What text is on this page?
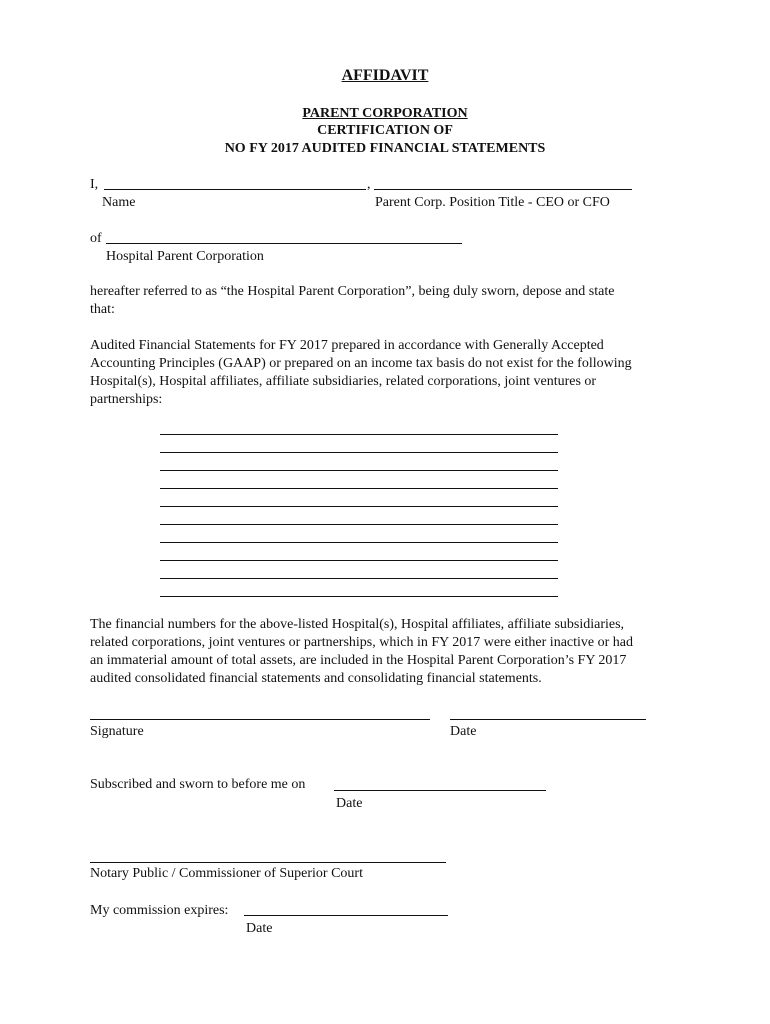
AFFIDAVIT
PARENT CORPORATION
CERTIFICATION OF
NO FY 2017 AUDITED FINANCIAL STATEMENTS
I,	,
Name	Parent Corp. Position Title - CEO or CFO
of
Hospital Parent Corporation
hereafter referred to as “the Hospital Parent Corporation”, being duly sworn, depose and state
that:
Audited Financial Statements for FY 2017 prepared in accordance with Generally Accepted
Accounting Principles (GAAP) or prepared on an income tax basis do not exist for the following
Hospital(s), Hospital affiliates, affiliate subsidiaries, related corporations, joint ventures or
partnerships:
The financial numbers for the above-listed Hospital(s), Hospital affiliates, affiliate subsidiaries,
related corporations, joint ventures or partnerships, which in FY 2017 were either inactive or had
an immaterial amount of total assets, are included in the Hospital Parent Corporation’s FY 2017
audited consolidated financial statements and consolidating financial statements.
Signature	Date
Subscribed and sworn to before me on
Date
Notary Public / Commissioner of Superior Court
My commission expires:
Date
